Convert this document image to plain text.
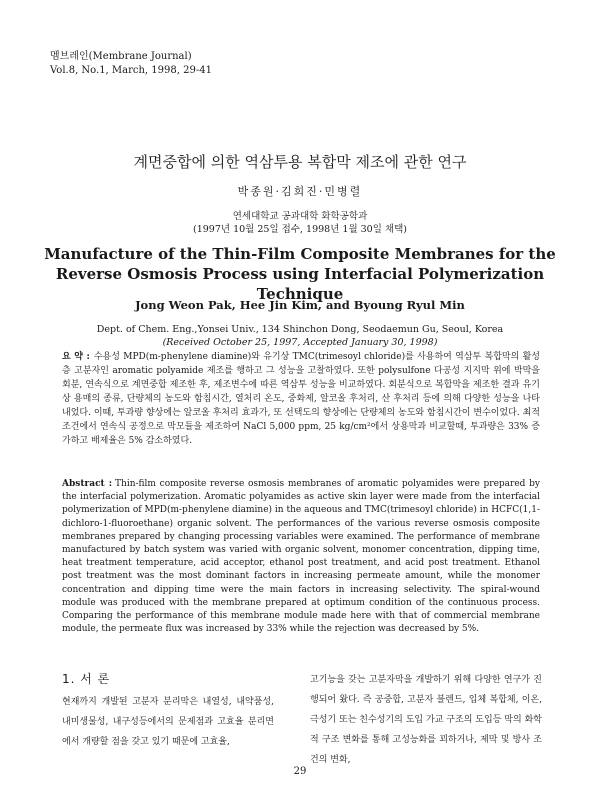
멤브레인(Membrane Journal)
Vol.8, No.1, March, 1998, 29-41
계면중합에 의한 역삼투용 복합막 제조에 관한 연구
박종원·김희진·민병렬
연세대학교 공과대학 화학공학과
(1997년 10월 25일 접수, 1998년 1월 30일 채택)
Manufacture of the Thin-Film Composite Membranes for the Reverse Osmosis Process using Interfacial Polymerization Technique
Jong Weon Pak, Hee Jin Kim, and Byoung Ryul Min
Dept. of Chem. Eng.,Yonsei Univ., 134 Shinchon Dong, Seodaemun Gu, Seoul, Korea
(Received October 25, 1997, Accepted January 30, 1998)
요 약 : 수용성 MPD(m-phenylene diamine)와 유기상 TMC(trimesoyl chloride)를 사용하여 역삼투 복합막의 활성층 고분자인 aromatic polyamide 제조를 행하고 그 성능을 고찰하였다. 또한 polysulfone 다공성 지지막 위에 박막을 회분, 연속식으로 계면중합 제조한 후, 제조변수에 따른 역삼투 성능을 비교하였다. 회분식으로 복합막을 제조한 결과 유기상 용매의 종류, 단량체의 농도와 함침시간, 열처리 온도, 중화제, 알코올 후처리, 산 후처리 등에 의해 다양한 성능을 나타내었다. 이때, 투과량 향상에는 알코올 후처리 효과가, 또 선택도의 향상에는 단량체의 농도와 함침시간이 변수이었다. 최적조건에서 연속식 공정으로 막모듈을 제조하여 NaCl 5,000 ppm, 25 kg/cm²에서 상용막과 비교할때, 투과량은 33% 증가하고 배제율은 5% 감소하였다.
Abstract : Thin-film composite reverse osmosis membranes of aromatic polyamides were prepared by the interfacial polymerization. Aromatic polyamides as active skin layer were made from the interfacial polymerization of MPD(m-phenylene diamine) in the aqueous and TMC(trimesoyl chloride) in HCFC(1,1-dichloro-1-fluoroethane) organic solvent. The performances of the various reverse osmosis composite membranes prepared by changing processing variables were examined. The performance of membrane manufactured by batch system was varied with organic solvent, monomer concentration, dipping time, heat treatment temperature, acid acceptor, ethanol post treatment, and acid post treatment. Ethanol post treatment was the most dominant factors in increasing permeate amount, while the monomer concentration and dipping time were the main factors in increasing selectivity. The spiral-wound module was produced with the membrane prepared at optimum condition of the continuous process. Comparing the performance of this membrane module made here with that of commercial membrane module, the permeate flux was increased by 33% while the rejection was decreased by 5%.
1. 서 론
현재까지 개발된 고분자 분리막은 내열성, 내약품성, 내미생물성, 내구성등에서의 문제점과 고효율 분리면에서 개량할 점을 갖고 있기 때문에 고효율,
고기능을 갖는 고분자막을 개발하기 위해 다양한 연구가 진행되어 왔다. 즉 공중합, 고분자 블렌드, 입체 복합체, 이온, 극성기 또는 친수성기의 도입 가교 구조의 도입등 막의 화학적 구조 변화를 통해 고성능화를 꾀하거나, 제막 및 방사 조건의 변화,
29
